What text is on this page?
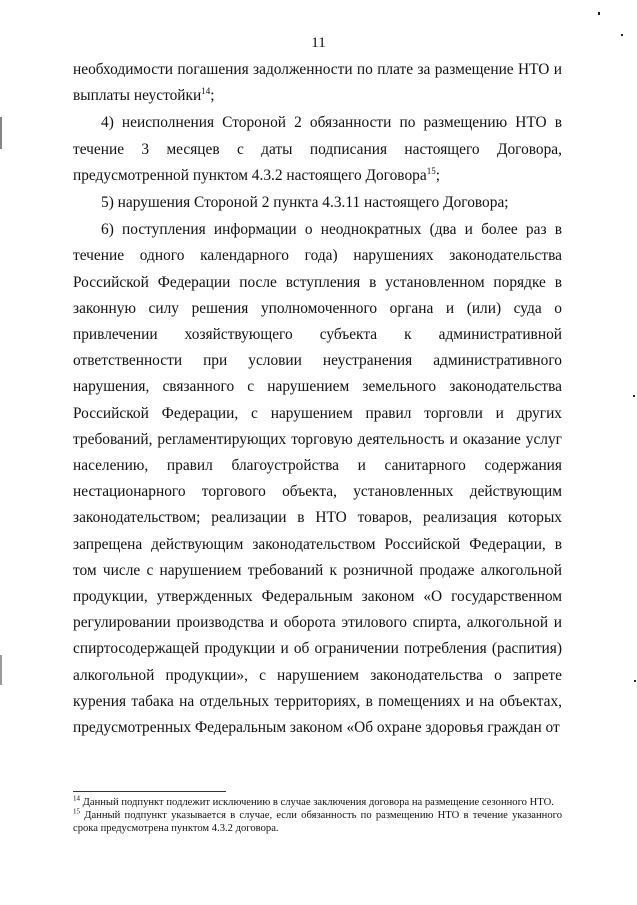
11

необходимости погашения задолженности по плате за размещение НТО и выплаты неустойки$^{14}$;

4) неисполнения Стороной 2 обязанности по размещению НТО в течение 3 месяцев с даты подписания настоящего Договора, предусмотренной пунктом 4.3.2 настоящего Договора$^{15}$;

5) нарушения Стороной 2 пункта 4.3.11 настоящего Договора;

6) поступления информации о неоднократных (два и более раз в течение одного календарного года) нарушениях законодательства Российской Федерации после вступления в установленном порядке в законную силу решения уполномоченного органа и (или) суда о привлечении хозяйствующего субъекта к административной ответственности при условии неустранения административного нарушения, связанного с нарушением земельного законодательства Российской Федерации, с нарушением правил торговли и других требований, регламентирующих торговую деятельность и оказание услуг населению, правил благоустройства и санитарного содержания нестационарного торгового объекта, установленных действующим законодательством; реализации в НТО товаров, реализация которых запрещена действующим законодательством Российской Федерации, в том числе с нарушением требований к розничной продаже алкогольной продукции, утвержденных Федеральным законом «О государственном регулировании производства и оборота этилового спирта, алкогольной и спиртосодержащей продукции и об ограничении потребления (распития) алкогольной продукции», с нарушением законодательства о запрете курения табака на отдельных территориях, в помещениях и на объектах, предусмотренных Федеральным законом «Об охране здоровья граждан от

$^{14}$ Данный подпункт подлежит исключению в случае заключения договора на размещение сезонного НТО.

$^{15}$ Данный подпункт указывается в случае, если обязанность по размещению НТО в течение указанного срока предусмотрена пунктом 4.3.2 договора.
